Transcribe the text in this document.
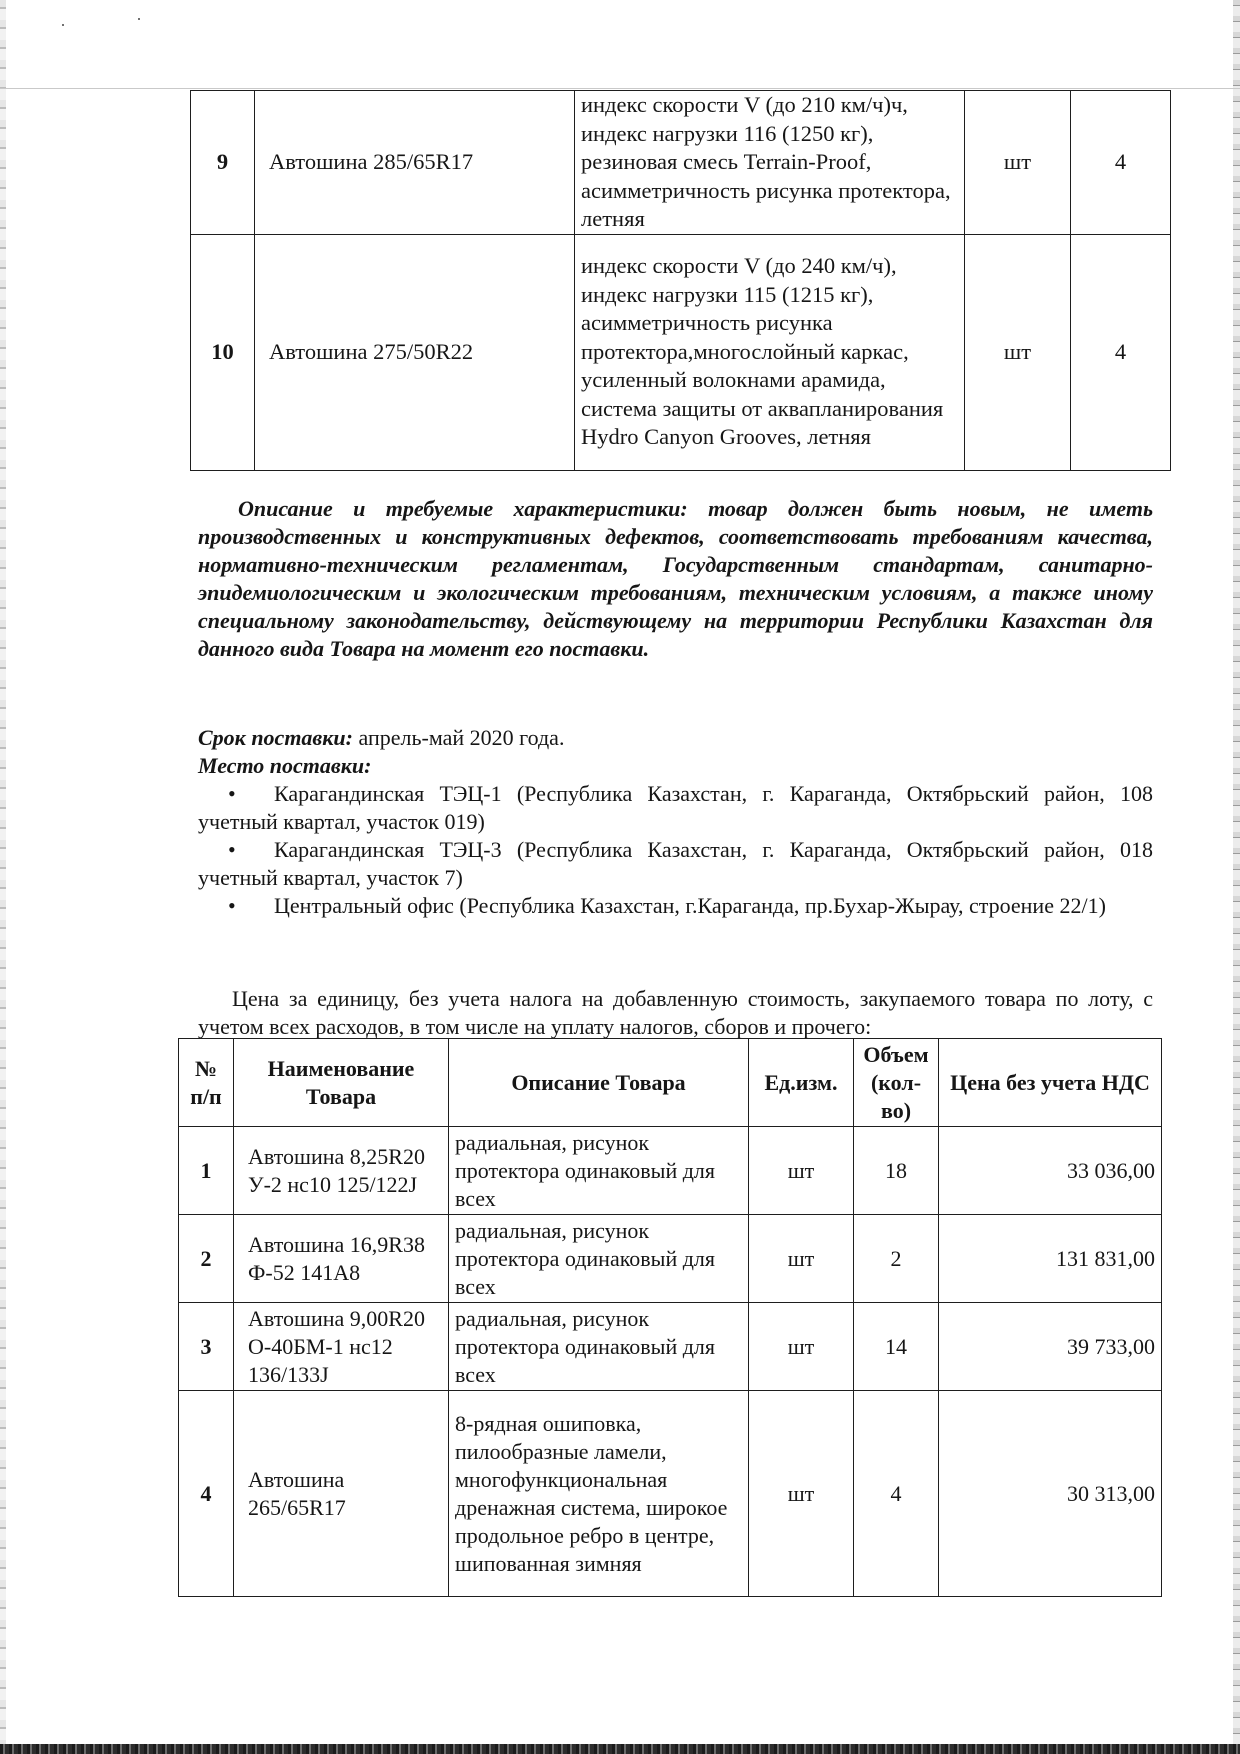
9	Автошина 285/65R17	индекс скорости V (до 210 км/ч)ч, индекс нагрузки 116 (1250 кг), резиновая смесь Terrain-Proof, асимметричность рисунка протектора, летняя	шт	4
10	Автошина 275/50R22	индекс скорости V (до 240 км/ч), индекс нагрузки 115 (1215 кг), асимметричность рисунка протектора,многослойный каркас, усиленный волокнами арамида, система защиты от аквапланирования Hydro Canyon Grooves, летняя	шт	4
Описание и требуемые характеристики: товар должен быть новым, не иметь производственных и конструктивных дефектов, соответствовать требованиям качества, нормативно-техническим регламентам, Государственным стандартам, санитарно-эпидемиологическим и экологическим требованиям, техническим условиям, а также иному специальному законодательству, действующему на территории Республики Казахстан для данного вида Товара на момент его поставки.
Срок поставки: апрель-май 2020 года.
Место поставки:
• Карагандинская ТЭЦ-1 (Республика Казахстан, г. Караганда, Октябрьский район, 108 учетный квартал, участок 019)
• Карагандинская ТЭЦ-3 (Республика Казахстан, г. Караганда, Октябрьский район, 018 учетный квартал, участок 7)
• Центральный офис (Республика Казахстан, г.Караганда, пр.Бухар-Жырау, строение 22/1)
Цена за единицу, без учета налога на добавленную стоимость, закупаемого товара по лоту, с учетом всех расходов, в том числе на уплату налогов, сборов и прочего:
№ п/п	Наименование Товара	Описание Товара	Ед.изм.	Объем (кол-во)	Цена без учета НДС
1	Автошина 8,25R20 У-2 нс10 125/122J	радиальная, рисунок протектора одинаковый для всех	шт	18	33 036,00
2	Автошина 16,9R38 Ф-52 141А8	радиальная, рисунок протектора одинаковый для всех	шт	2	131 831,00
3	Автошина 9,00R20 О-40БМ-1 нс12 136/133J	радиальная, рисунок протектора одинаковый для всех	шт	14	39 733,00
4	Автошина 265/65R17	8-рядная ошиповка, пилообразные ламели, многофункциональная дренажная система, широкое продольное ребро в центре, шипованная зимняя	шт	4	30 313,00
